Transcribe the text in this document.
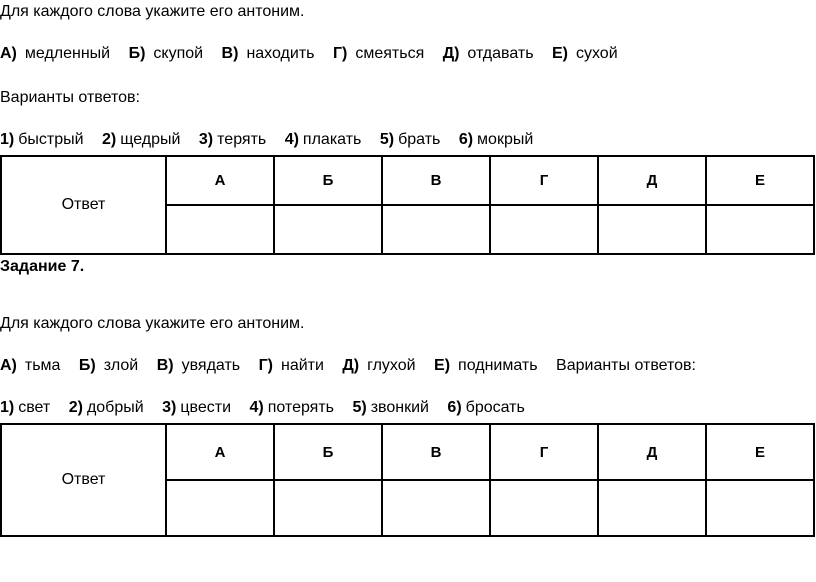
Для каждого слова укажите его антоним.
А) медленный Б) скупой В) находить Г) смеяться Д) отдавать Е) сухой
Варианты ответов:
1) быстрый 2) щедрый 3) терять 4) плакать 5) брать 6) мокрый
Ответ	А	Б	В	Г	Д	Е

Задание 7.
Для каждого слова укажите его антоним.
А) тьма Б) злой В) увядать Г) найти Д) глухой Е) поднимать Варианты ответов:
1) свет 2) добрый 3) цвести 4) потерять 5) звонкий 6) бросать
Ответ	А	Б	В	Г	Д	Е
